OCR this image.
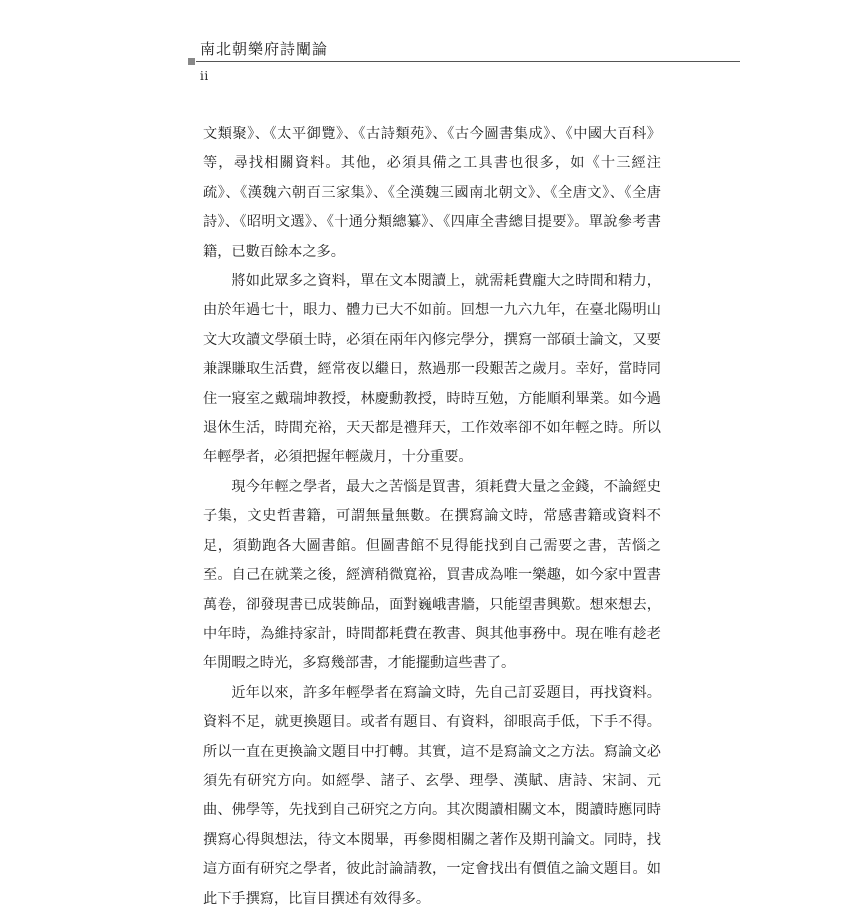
南北朝樂府詩闡論
ii

文類聚》、《太平御覽》、《古詩類苑》、《古今圖書集成》、《中國大百科》等，尋找相關資料。其他，必須具備之工具書也很多，如《十三經注疏》、《漢魏六朝百三家集》、《全漢魏三國南北朝文》、《全唐文》、《全唐詩》、《昭明文選》、《十通分類總纂》、《四庫全書總目提要》。單說參考書籍，已數百餘本之多。

將如此眾多之資料，單在文本閱讀上，就需耗費龐大之時間和精力，由於年過七十，眼力、體力已大不如前。回想一九六九年，在臺北陽明山文大攻讀文學碩士時，必須在兩年內修完學分，撰寫一部碩士論文，又要兼課賺取生活費，經常夜以繼日，熬過那一段艱苦之歲月。幸好，當時同住一寢室之戴瑞坤教授，林慶勳教授，時時互勉，方能順利畢業。如今過退休生活，時間充裕，天天都是禮拜天，工作效率卻不如年輕之時。所以年輕學者，必須把握年輕歲月，十分重要。

現今年輕之學者，最大之苦惱是買書，須耗費大量之金錢，不論經史子集，文史哲書籍，可謂無量無數。在撰寫論文時，常感書籍或資料不足，須勤跑各大圖書館。但圖書館不見得能找到自己需要之書，苦惱之至。自己在就業之後，經濟稍微寬裕，買書成為唯一樂趣，如今家中置書萬卷，卻發現書已成裝飾品，面對巍峨書牆，只能望書興歎。想來想去，中年時，為維持家計，時間都耗費在教書、與其他事務中。現在唯有趁老年閒暇之時光，多寫幾部書，才能擺動這些書了。

近年以來，許多年輕學者在寫論文時，先自己訂妥題目，再找資料。資料不足，就更換題目。或者有題目、有資料，卻眼高手低，下手不得。所以一直在更換論文題目中打轉。其實，這不是寫論文之方法。寫論文必須先有研究方向。如經學、諸子、玄學、理學、漢賦、唐詩、宋詞、元曲、佛學等，先找到自己研究之方向。其次閱讀相關文本，閱讀時應同時撰寫心得與想法，待文本閱畢，再參閱相關之著作及期刊論文。同時，找這方面有研究之學者，彼此討論請教，一定會找出有價值之論文題目。如此下手撰寫，比盲目撰述有效得多。
